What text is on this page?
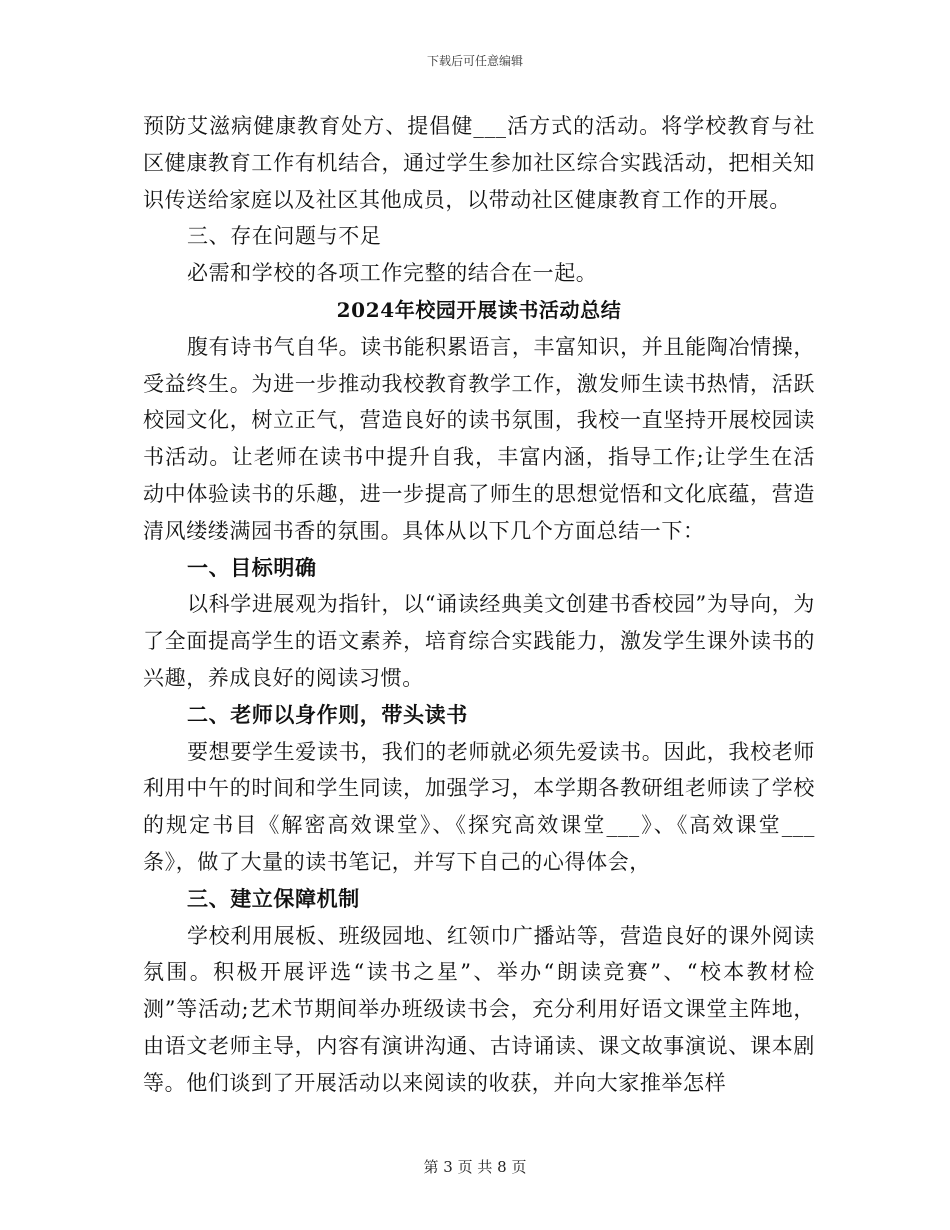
下载后可任意编辑

预防艾滋病健康教育处方、提倡健___活方式的活动。将学校教育与社区健康教育工作有机结合，通过学生参加社区综合实践活动，把相关知识传送给家庭以及社区其他成员，以带动社区健康教育工作的开展。

三、存在问题与不足

必需和学校的各项工作完整的结合在一起。

2024年校园开展读书活动总结

腹有诗书气自华。读书能积累语言，丰富知识，并且能陶冶情操，受益终生。为进一步推动我校教育教学工作，激发师生读书热情，活跃校园文化，树立正气，营造良好的读书氛围，我校一直坚持开展校园读书活动。让老师在读书中提升自我，丰富内涵，指导工作;让学生在活动中体验读书的乐趣，进一步提高了师生的思想觉悟和文化底蕴，营造清风缕缕满园书香的氛围。具体从以下几个方面总结一下：

一、目标明确

以科学进展观为指针，以“诵读经典美文创建书香校园”为导向，为了全面提高学生的语文素养，培育综合实践能力，激发学生课外读书的兴趣，养成良好的阅读习惯。

二、老师以身作则，带头读书

要想要学生爱读书，我们的老师就必须先爱读书。因此，我校老师利用中午的时间和学生同读，加强学习，本学期各教研组老师读了学校的规定书目《解密高效课堂》、《探究高效课堂___》、《高效课堂___条》，做了大量的读书笔记，并写下自己的心得体会，

三、建立保障机制

学校利用展板、班级园地、红领巾广播站等，营造良好的课外阅读氛围。积极开展评选“读书之星”、举办“朗读竞赛”、“校本教材检测”等活动;艺术节期间举办班级读书会，充分利用好语文课堂主阵地，由语文老师主导，内容有演讲沟通、古诗诵读、课文故事演说、课本剧等。他们谈到了开展活动以来阅读的收获，并向大家推举怎样

第 3 页 共 8 页
